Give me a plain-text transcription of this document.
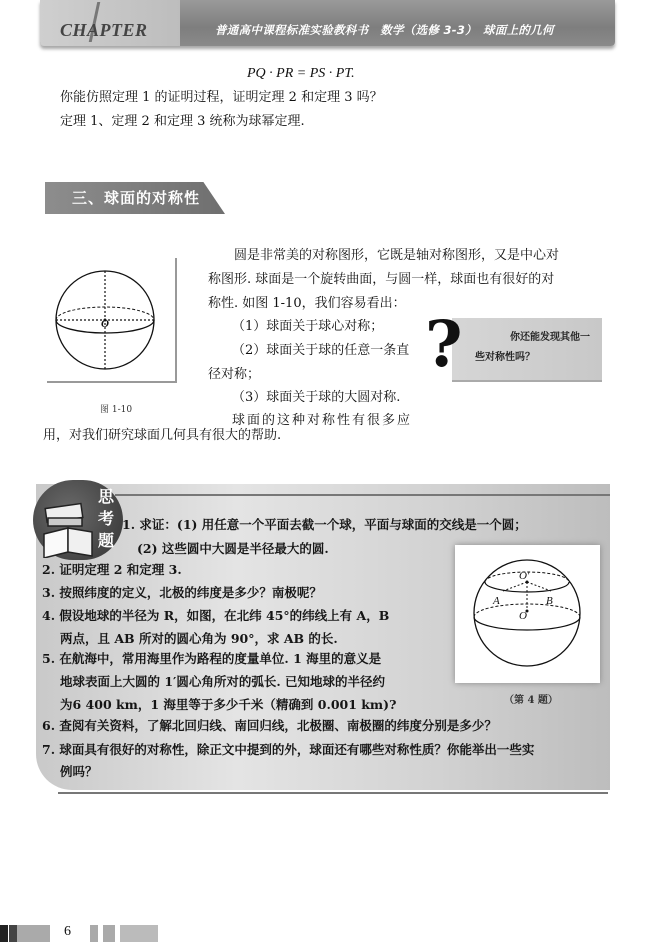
CHAPTER	普通高中课程标准实验教科书　数学（选修 3-3）　球面上的几何
PQ · PR = PS · PT.
你能仿照定理 1 的证明过程，证明定理 2 和定理 3 吗？
定理 1、定理 2 和定理 3 统称为球幂定理.
三、球面的对称性
O
图 1-10
圆是非常美的对称图形，它既是轴对称图形，又是中心对
称图形. 球面是一个旋转曲面，与圆一样，球面也有很好的对
称性. 如图 1-10，我们容易看出：
（1）球面关于球心对称；
（2）球面关于球的任意一条直
径对称；
（3）球面关于球的大圆对称.
球面的这种对称性有很多应
用，对我们研究球面几何具有很大的帮助.
?	你还能发现其他一
些对称性吗？
思
考
题
1. 求证：(1) 用任意一个平面去截一个球，平面与球面的交线是一个圆；
(2) 这些圆中大圆是半径最大的圆.
2. 证明定理 2 和定理 3.
3. 按照纬度的定义，北极的纬度是多少？南极呢？
4. 假设地球的半径为 R，如图，在北纬 45°的纬线上有 A，B
两点，且 AB 所对的圆心角为 90°，求 AB 的长.
5. 在航海中，常用海里作为路程的度量单位. 1 海里的意义是
地球表面上大圆的 1′圆心角所对的弧长. 已知地球的半径约
为6 400 km，1 海里等于多少千米（精确到 0.001 km)?
6. 查阅有关资料，了解北回归线、南回归线，北极圈、南极圈的纬度分别是多少？
7. 球面具有很好的对称性，除正文中提到的外，球面还有哪些对称性质？你能举出一些实
例吗？
O′
A	B
O
（第 4 题）
6
